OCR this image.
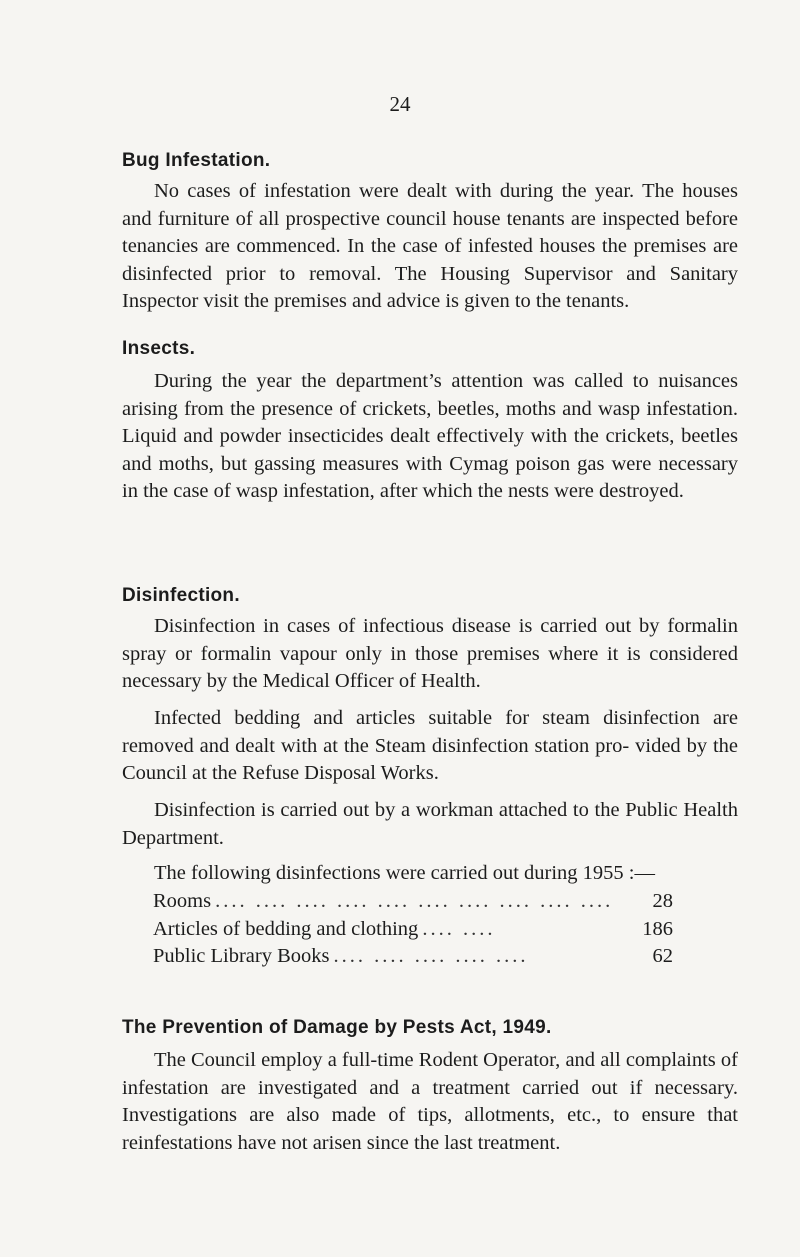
24
Bug Infestation.

No cases of infestation were dealt with during the year. The houses and furniture of all prospective council house tenants are inspected before tenancies are commenced. In the case of infested houses the premises are disinfected prior to removal. The Housing Supervisor and Sanitary Inspector visit the premises and advice is given to the tenants.

Insects.

During the year the department’s attention was called to nuisances arising from the presence of crickets, beetles, moths and wasp infestation. Liquid and powder insecticides dealt effectively with the crickets, beetles and moths, but gassing measures with Cymag poison gas were necessary in the case of wasp infestation, after which the nests were destroyed.

Disinfection.

Disinfection in cases of infectious disease is carried out by formalin spray or formalin vapour only in those premises where it is considered necessary by the Medical Officer of Health.

Infected bedding and articles suitable for steam disinfection are removed and dealt with at the Steam disinfection station pro- vided by the Council at the Refuse Disposal Works.

Disinfection is carried out by a workman attached to the Public Health Department.

The following disinfections were carried out during 1955 :—

Rooms .... .... .... .... .... .... .... .... .... ....	28
Articles of bedding and clothing .... ....	186
Public Library Books .... .... .... .... ....	62
The Prevention of Damage by Pests Act, 1949.

The Council employ a full-time Rodent Operator, and all complaints of infestation are investigated and a treatment carried out if necessary. Investigations are also made of tips, allotments, etc., to ensure that reinfestations have not arisen since the last treatment.
